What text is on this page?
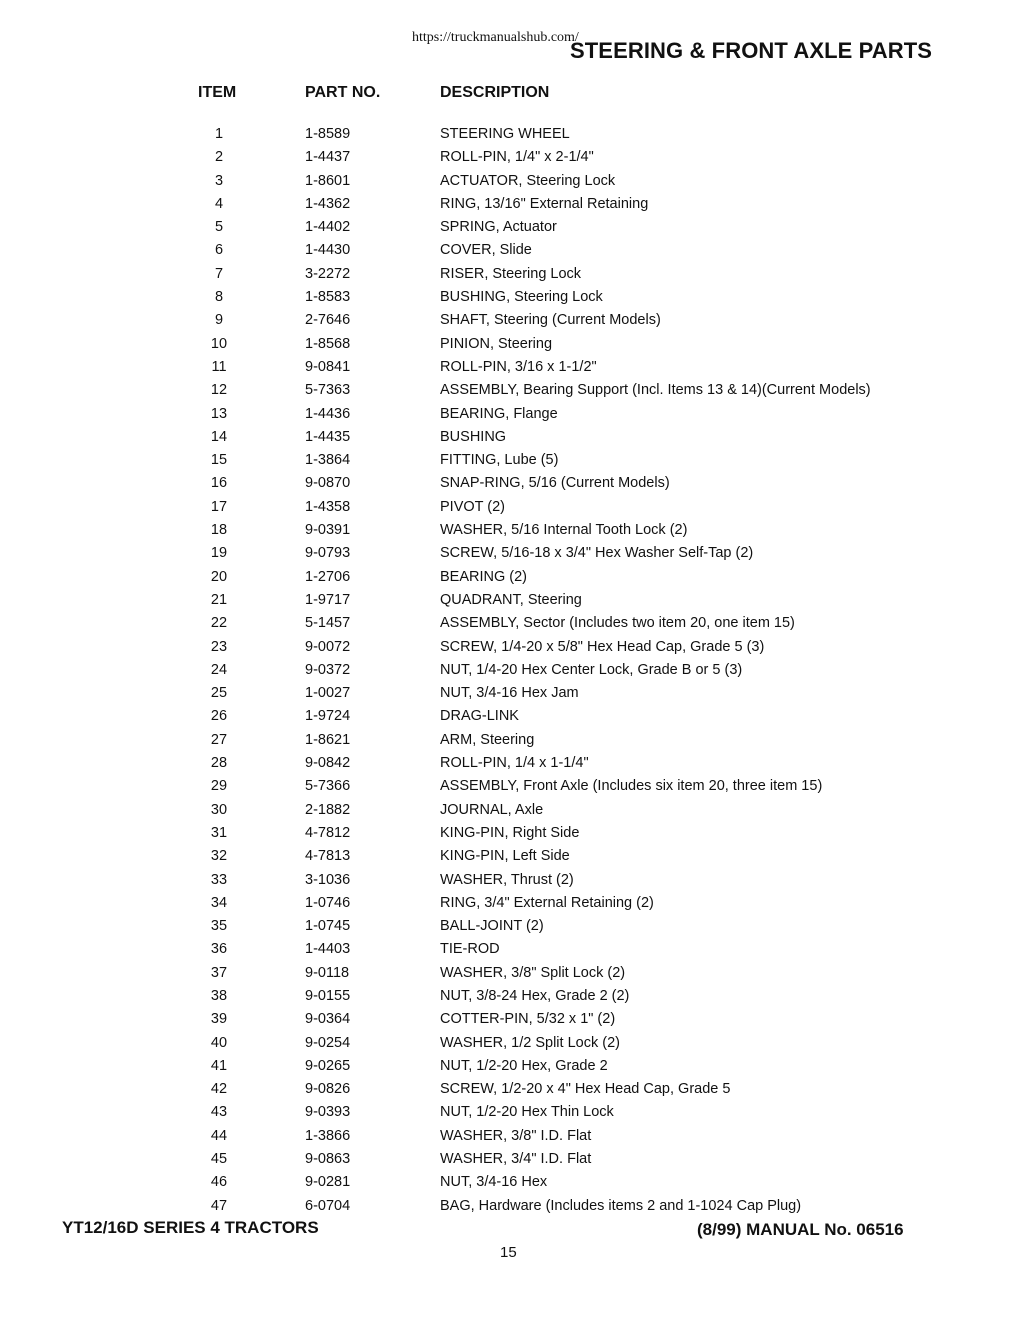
https://truckmanualshub.com/
STEERING & FRONT AXLE PARTS
ITEM	PART NO.	DESCRIPTION
1	1-8589	STEERING WHEEL
2	1-4437	ROLL-PIN, 1/4" x 2-1/4"
3	1-8601	ACTUATOR, Steering Lock
4	1-4362	RING, 13/16" External Retaining
5	1-4402	SPRING, Actuator
6	1-4430	COVER, Slide
7	3-2272	RISER, Steering Lock
8	1-8583	BUSHING, Steering Lock
9	2-7646	SHAFT, Steering (Current Models)
10	1-8568	PINION, Steering
11	9-0841	ROLL-PIN, 3/16 x 1-1/2"
12	5-7363	ASSEMBLY, Bearing Support (Incl. Items 13 & 14)(Current Models)
13	1-4436	BEARING, Flange
14	1-4435	BUSHING
15	1-3864	FITTING, Lube (5)
16	9-0870	SNAP-RING, 5/16 (Current Models)
17	1-4358	PIVOT (2)
18	9-0391	WASHER, 5/16 Internal Tooth Lock (2)
19	9-0793	SCREW, 5/16-18 x 3/4" Hex Washer Self-Tap (2)
20	1-2706	BEARING (2)
21	1-9717	QUADRANT, Steering
22	5-1457	ASSEMBLY, Sector (Includes two item 20, one item 15)
23	9-0072	SCREW, 1/4-20 x 5/8" Hex Head Cap, Grade 5 (3)
24	9-0372	NUT, 1/4-20 Hex Center Lock, Grade B or 5 (3)
25	1-0027	NUT, 3/4-16 Hex Jam
26	1-9724	DRAG-LINK
27	1-8621	ARM, Steering
28	9-0842	ROLL-PIN, 1/4 x 1-1/4"
29	5-7366	ASSEMBLY, Front Axle (Includes six item 20, three item 15)
30	2-1882	JOURNAL, Axle
31	4-7812	KING-PIN, Right Side
32	4-7813	KING-PIN, Left Side
33	3-1036	WASHER, Thrust (2)
34	1-0746	RING, 3/4" External Retaining (2)
35	1-0745	BALL-JOINT (2)
36	1-4403	TIE-ROD
37	9-0118	WASHER, 3/8" Split Lock (2)
38	9-0155	NUT, 3/8-24 Hex, Grade 2 (2)
39	9-0364	COTTER-PIN, 5/32 x 1" (2)
40	9-0254	WASHER, 1/2 Split Lock (2)
41	9-0265	NUT, 1/2-20 Hex, Grade 2
42	9-0826	SCREW, 1/2-20 x 4" Hex Head Cap, Grade 5
43	9-0393	NUT, 1/2-20 Hex Thin Lock
44	1-3866	WASHER, 3/8" I.D. Flat
45	9-0863	WASHER, 3/4" I.D. Flat
46	9-0281	NUT, 3/4-16 Hex
47	6-0704	BAG, Hardware (Includes items 2 and 1-1024 Cap Plug)
YT12/16D SERIES 4 TRACTORS	(8/99) MANUAL No. 06516
15
